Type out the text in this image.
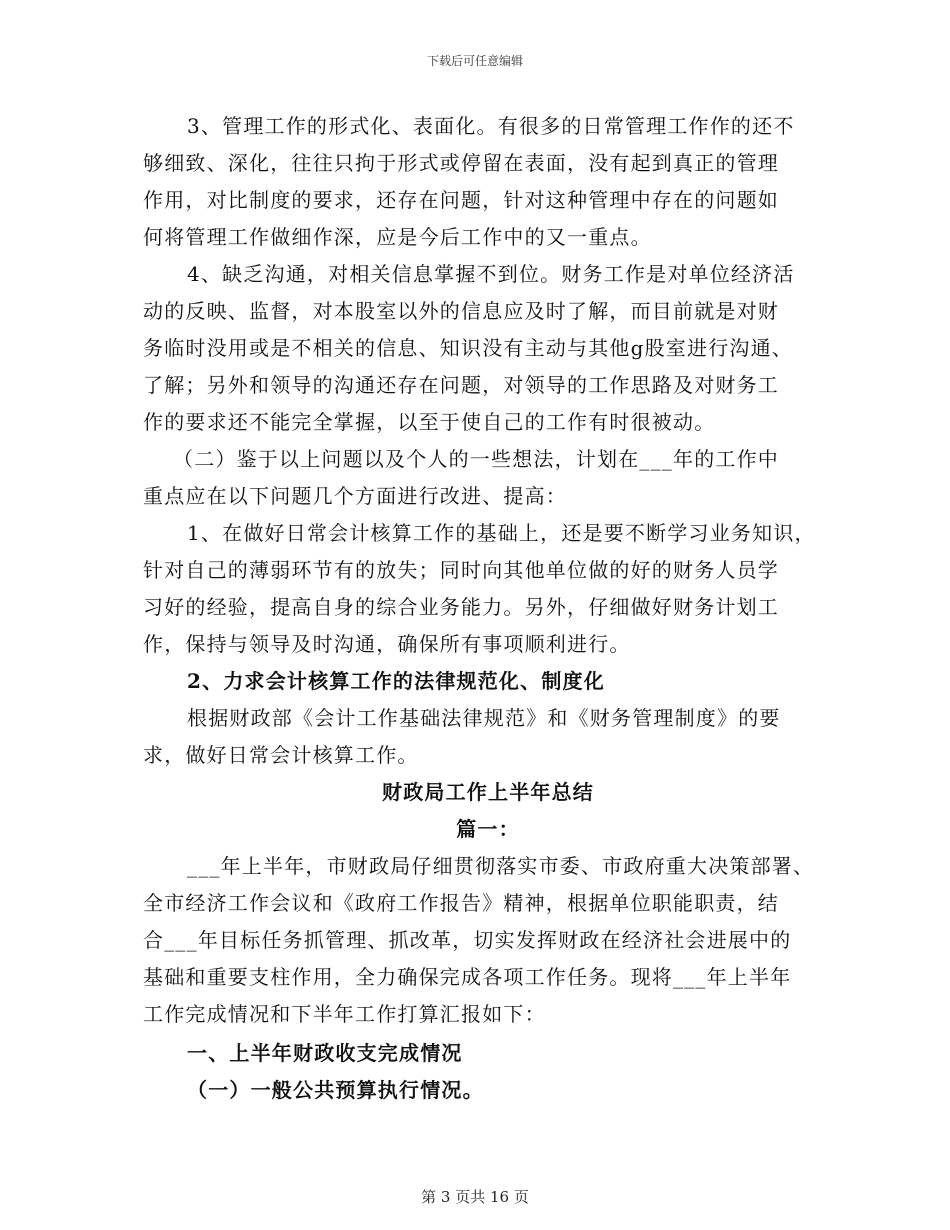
下载后可任意编辑
3、管理工作的形式化、表面化。有很多的日常管理工作作的还不
够细致、深化，往往只拘于形式或停留在表面，没有起到真正的管理
作用，对比制度的要求，还存在问题，针对这种管理中存在的问题如
何将管理工作做细作深，应是今后工作中的又一重点。
4、缺乏沟通，对相关信息掌握不到位。财务工作是对单位经济活
动的反映、监督，对本股室以外的信息应及时了解，而目前就是对财
务临时没用或是不相关的信息、知识没有主动与其他g股室进行沟通、
了解；另外和领导的沟通还存在问题，对领导的工作思路及对财务工
作的要求还不能完全掌握，以至于使自己的工作有时很被动。
（二）鉴于以上问题以及个人的一些想法，计划在___年的工作中
重点应在以下问题几个方面进行改进、提高：
1、在做好日常会计核算工作的基础上，还是要不断学习业务知识，
针对自己的薄弱环节有的放失；同时向其他单位做的好的财务人员学
习好的经验，提高自身的综合业务能力。另外，仔细做好财务计划工
作，保持与领导及时沟通，确保所有事项顺利进行。
2、力求会计核算工作的法律规范化、制度化
根据财政部《会计工作基础法律规范》和《财务管理制度》的要
求，做好日常会计核算工作。
财政局工作上半年总结
篇一：
___年上半年，市财政局仔细贯彻落实市委、市政府重大决策部署、
全市经济工作会议和《政府工作报告》精神，根据单位职能职责，结
合___年目标任务抓管理、抓改革，切实发挥财政在经济社会进展中的
基础和重要支柱作用，全力确保完成各项工作任务。现将___年上半年
工作完成情况和下半年工作打算汇报如下：
一、上半年财政收支完成情况
（一）一般公共预算执行情况。
第 3 页共 16 页
